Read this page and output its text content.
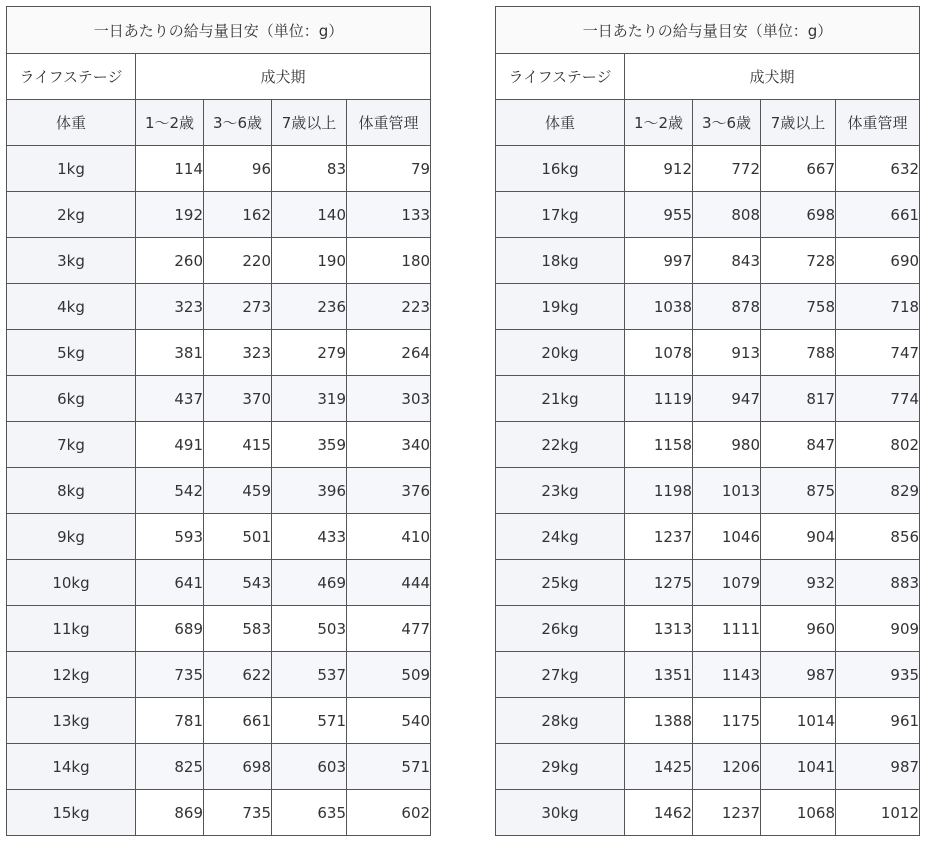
一日あたりの給与量目安（単位：g）				
ライフステージ	成犬期			
体重	1～2歳	3～6歳	7歳以上	体重管理
1kg	114	96	83	79
2kg	192	162	140	133
3kg	260	220	190	180
4kg	323	273	236	223
5kg	381	323	279	264
6kg	437	370	319	303
7kg	491	415	359	340
8kg	542	459	396	376
9kg	593	501	433	410
10kg	641	543	469	444
11kg	689	583	503	477
12kg	735	622	537	509
13kg	781	661	571	540
14kg	825	698	603	571
15kg	869	735	635	602
一日あたりの給与量目安（単位：g）				
ライフステージ	成犬期			
体重	1～2歳	3～6歳	7歳以上	体重管理
16kg	912	772	667	632
17kg	955	808	698	661
18kg	997	843	728	690
19kg	1038	878	758	718
20kg	1078	913	788	747
21kg	1119	947	817	774
22kg	1158	980	847	802
23kg	1198	1013	875	829
24kg	1237	1046	904	856
25kg	1275	1079	932	883
26kg	1313	1111	960	909
27kg	1351	1143	987	935
28kg	1388	1175	1014	961
29kg	1425	1206	1041	987
30kg	1462	1237	1068	1012
